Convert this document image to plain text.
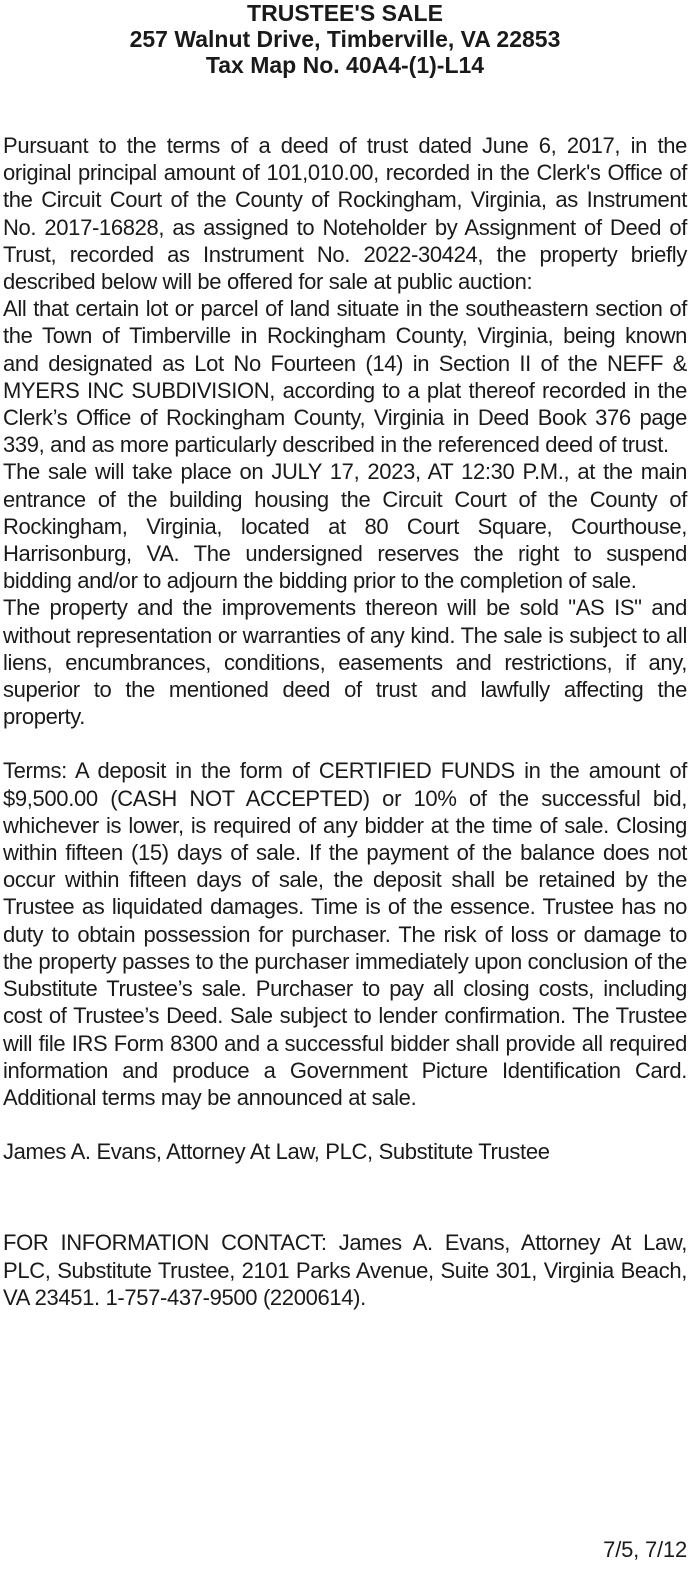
TRUSTEE'S SALE
257 Walnut Drive, Timberville, VA 22853
Tax Map No. 40A4-(1)-L14

Pursuant to the terms of a deed of trust dated June 6, 2017, in the original principal amount of 101,010.00, recorded in the Clerk's Office of the Circuit Court of the County of Rockingham, Virginia, as Instrument No. 2017-16828, as assigned to Noteholder by Assignment of Deed of Trust, recorded as Instrument No. 2022-30424, the property briefly described below will be offered for sale at public auction:

All that certain lot or parcel of land situate in the southeastern section of the Town of Timberville in Rockingham County, Virginia, being known and designated as Lot No Fourteen (14) in Section II of the NEFF & MYERS INC SUBDIVISION, according to a plat thereof recorded in the Clerk’s Office of Rockingham County, Virginia in Deed Book 376 page 339, and as more particularly described in the referenced deed of trust.

The sale will take place on JULY 17, 2023, AT 12:30 P.M., at the main entrance of the building housing the Circuit Court of the County of Rockingham, Virginia, located at 80 Court Square, Courthouse, Harrisonburg, VA. The undersigned reserves the right to suspend bidding and/or to adjourn the bidding prior to the completion of sale.

The property and the improvements thereon will be sold "AS IS" and without representation or warranties of any kind. The sale is subject to all liens, encumbrances, conditions, easements and restrictions, if any, superior to the mentioned deed of trust and lawfully affecting the property.

Terms: A deposit in the form of CERTIFIED FUNDS in the amount of $9,500.00 (CASH NOT ACCEPTED) or 10% of the successful bid, whichever is lower, is required of any bidder at the time of sale. Closing within fifteen (15) days of sale. If the payment of the balance does not occur within fifteen days of sale, the deposit shall be retained by the Trustee as liquidated damages. Time is of the essence. Trustee has no duty to obtain possession for purchaser. The risk of loss or damage to the property passes to the purchaser immediately upon conclusion of the Substitute Trustee’s sale. Purchaser to pay all closing costs, including cost of Trustee’s Deed. Sale subject to lender confirmation. The Trustee will file IRS Form 8300 and a successful bidder shall provide all required information and produce a Government Picture Identification Card. Additional terms may be announced at sale.

James A. Evans, Attorney At Law, PLC, Substitute Trustee

FOR INFORMATION CONTACT: James A. Evans, Attorney At Law, PLC, Substitute Trustee, 2101 Parks Avenue, Suite 301, Virginia Beach, VA 23451. 1-757-437-9500 (2200614).

7/5, 7/12
